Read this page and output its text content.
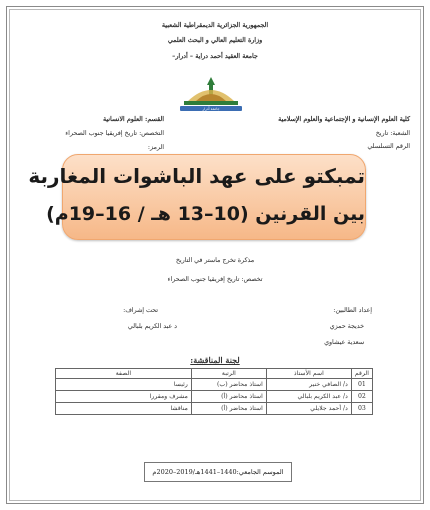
الجمهورية الجزائرية الديمقراطية الشعبية
وزارة التعليم العالي و البحث العلمي
جامعة العقيد أحمد دراية – أدرار–
جامعة أدرار
كلية العلوم الإنسانية و الإجتماعية والعلوم الإسلامية
القسم: العلوم الانسانية
الشعبة: تاريخ
التخصص: تاريخ إفريقيا جنوب الصحراء
الرمز:	الرقم التسلسلي
تمبكتو على عهد الباشوات المغاربة
بين القرنين (10–13 هـ / 16–19م)
مذكرة تخرج ماستر في التاريخ
تخصص: تاريخ إفريقيا جنوب الصحراء
إعداد الطالبين:
تحت إشراف:
خديجة حمزي
د عبد الكريم بلبالي
سعدية عيشاوي
لجنة المناقشة:
الرقم	اسم الأستاذ	الرتبة	الصفة
01	د/ الصافي خنير	استاذ محاضر (ب)	رئيسا
02	د/ عبد الكريم بلبالي	استاذ محاضر (أ)	مشرف ومقررا
03	د/ أحمد جلايلي	استاذ محاضر (أ)	مناقشا
الموسم الجامعي:1440–1441هـ/2019–2020م
